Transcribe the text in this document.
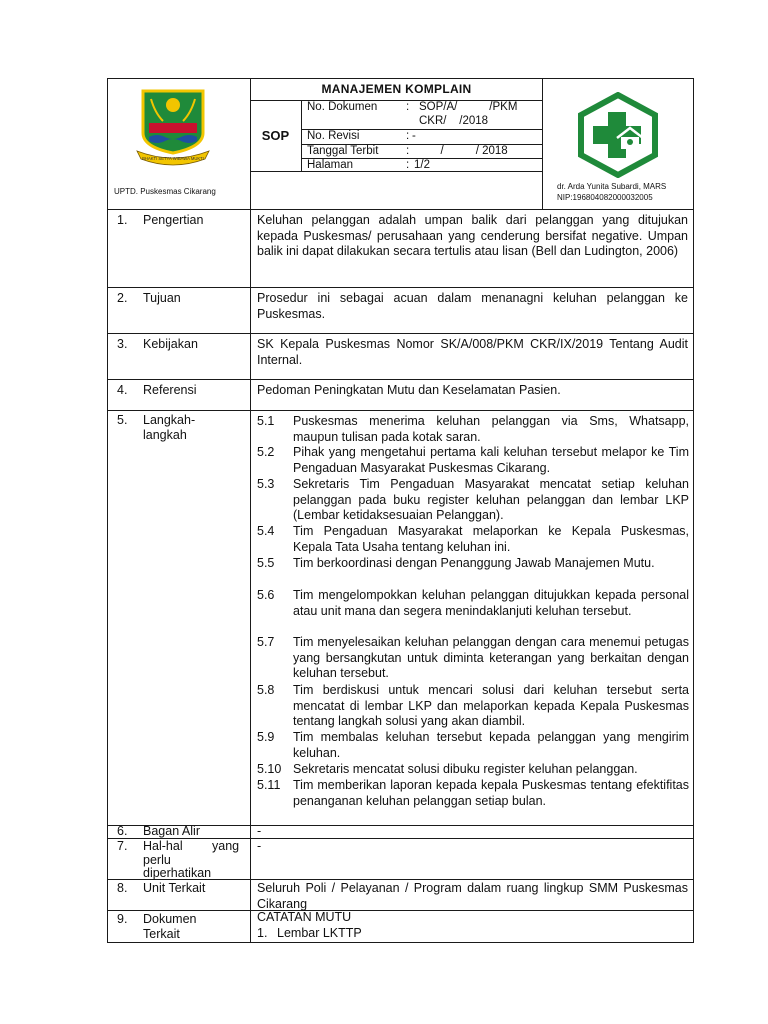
BHAKTI SETYA WIBAWA MUKTI
MANAJEMEN KOMPLAIN
SOP
No. Dokumen : SOP/A/          /PKM
CKR/    /2018
No. Revisi	: -
Tanggal Terbit : /          / 2018
Halaman	: 1/2
UPTD. Puskesmas Cikarang
dr. Arda Yunita Subardi, MARS
NIP:196804082000032005
1. Pengertian
2. Tujuan
3. Kebijakan
4. Referensi
5. Langkah-
langkah
6. Bagan Alir
7. Hal-hal yang
perlu
diperhatikan
8. Unit Terkait
9. Dokumen
Terkait
Keluhan pelanggan adalah umpan balik dari pelanggan yang ditujukan kepada Puskesmas/ perusahaan yang cenderung bersifat negative. Umpan balik ini dapat dilakukan secara tertulis atau lisan (Bell dan Ludington, 2006)
Prosedur ini sebagai acuan dalam menanagni keluhan pelanggan ke Puskesmas.
SK Kepala Puskesmas Nomor SK/A/008/PKM CKR/IX/2019 Tentang Audit Internal.
Pedoman Peningkatan Mutu dan Keselamatan Pasien.
5.1 Puskesmas menerima keluhan pelanggan via Sms, Whatsapp, maupun tulisan pada kotak saran.
5.2 Pihak yang mengetahui pertama kali keluhan tersebut melapor ke Tim Pengaduan Masyarakat Puskesmas Cikarang.
5.3 Sekretaris Tim Pengaduan Masyarakat mencatat setiap keluhan pelanggan pada buku register keluhan pelanggan dan lembar LKP (Lembar ketidaksesuaian Pelanggan).
5.4 Tim Pengaduan Masyarakat melaporkan ke Kepala Puskesmas, Kepala Tata Usaha tentang keluhan ini.
5.5 Tim berkoordinasi dengan Penanggung Jawab Manajemen Mutu.
5.6 Tim mengelompokkan keluhan pelanggan ditujukkan kepada personal atau unit mana dan segera menindaklanjuti keluhan tersebut.
5.7 Tim menyelesaikan keluhan pelanggan dengan cara menemui petugas yang bersangkutan untuk diminta keterangan yang berkaitan dengan keluhan tersebut.
5.8 Tim berdiskusi untuk mencari solusi dari keluhan tersebut serta mencatat di lembar LKP dan melaporkan kepada Kepala Puskesmas tentang langkah solusi yang akan diambil.
5.9 Tim membalas keluhan tersebut kepada pelanggan yang mengirim keluhan.
5.10 Sekretaris mencatat solusi dibuku register keluhan pelanggan.
5.11 Tim memberikan laporan kepada kepala Puskesmas tentang efektifitas penanganan keluhan pelanggan setiap bulan.
-
-
Seluruh Poli / Pelayanan / Program dalam ruang lingkup SMM Puskesmas Cikarang
CATATAN MUTU
1. Lembar LKTTP
